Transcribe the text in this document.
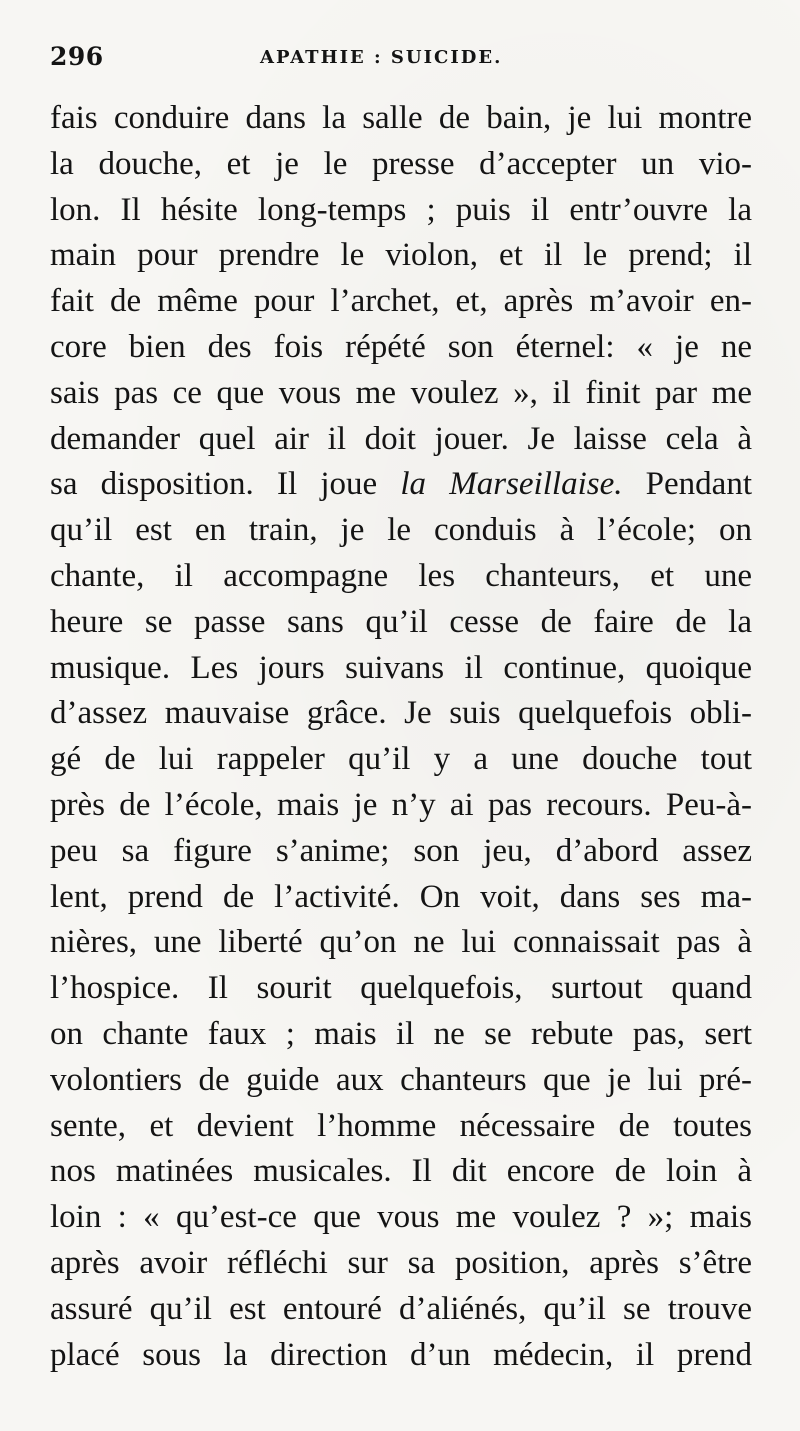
296	APATHIE : SUICIDE.
fais conduire dans la salle de bain, je lui montre
la douche, et je le presse d’accepter un vio-
lon. Il hésite long-temps ; puis il entr’ouvre la
main pour prendre le violon, et il le prend; il
fait de même pour l’archet, et, après m’avoir en-
core bien des fois répété son éternel: « je ne
sais pas ce que vous me voulez », il finit par me
demander quel air il doit jouer. Je laisse cela à
sa disposition. Il joue la Marseillaise. Pendant
qu’il est en train, je le conduis à l’école; on
chante, il accompagne les chanteurs, et une
heure se passe sans qu’il cesse de faire de la
musique. Les jours suivans il continue, quoique
d’assez mauvaise grâce. Je suis quelquefois obli-
gé de lui rappeler qu’il y a une douche tout
près de l’école, mais je n’y ai pas recours. Peu-à-
peu sa figure s’anime; son jeu, d’abord assez
lent, prend de l’activité. On voit, dans ses ma-
nières, une liberté qu’on ne lui connaissait pas à
l’hospice. Il sourit quelquefois, surtout quand
on chante faux ; mais il ne se rebute pas, sert
volontiers de guide aux chanteurs que je lui pré-
sente, et devient l’homme nécessaire de toutes
nos matinées musicales. Il dit encore de loin à
loin : « qu’est-ce que vous me voulez ? »; mais
après avoir réfléchi sur sa position, après s’être
assuré qu’il est entouré d’aliénés, qu’il se trouve
placé sous la direction d’un médecin, il prend
